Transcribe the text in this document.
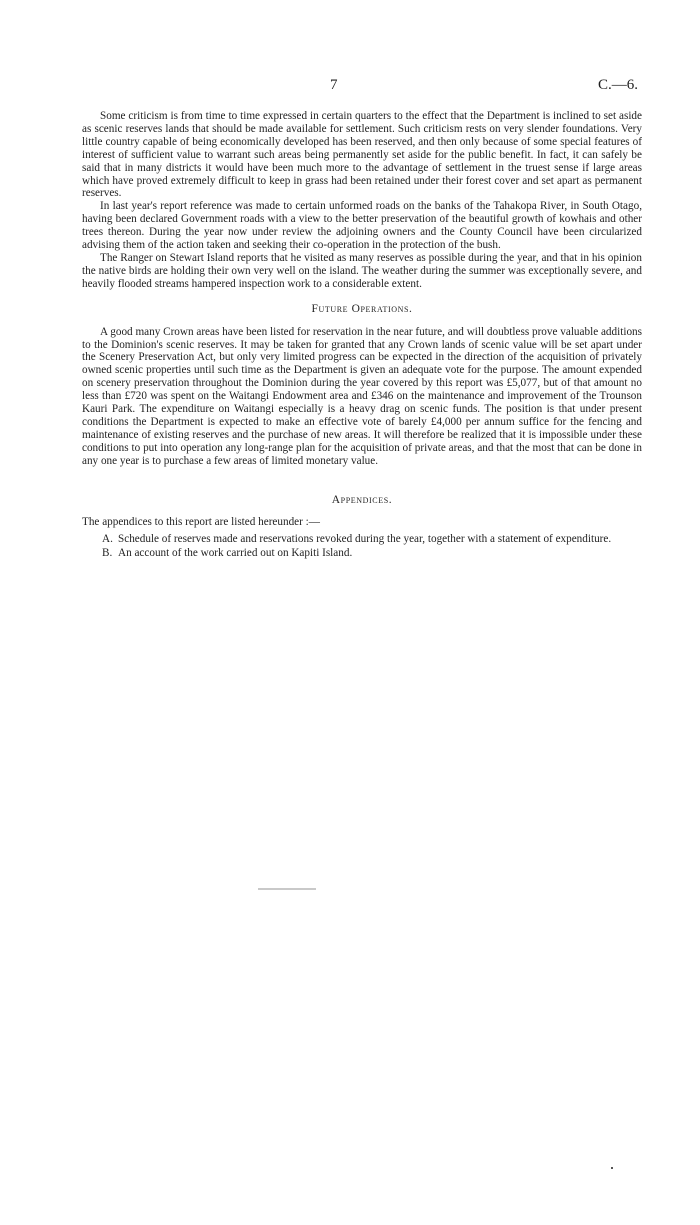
7	C.—6.

Some criticism is from time to time expressed in certain quarters to the effect that the Department is inclined to set aside as scenic reserves lands that should be made available for settlement. Such criticism rests on very slender foundations. Very little country capable of being economically developed has been reserved, and then only because of some special features of interest of sufficient value to warrant such areas being permanently set aside for the public benefit. In fact, it can safely be said that in many districts it would have been much more to the advantage of settlement in the truest sense if large areas which have proved extremely difficult to keep in grass had been retained under their forest cover and set apart as permanent reserves.

In last year's report reference was made to certain unformed roads on the banks of the Tahakopa River, in South Otago, having been declared Government roads with a view to the better preservation of the beautiful growth of kowhais and other trees thereon. During the year now under review the adjoining owners and the County Council have been circularized advising them of the action taken and seeking their co-operation in the protection of the bush.

The Ranger on Stewart Island reports that he visited as many reserves as possible during the year, and that in his opinion the native birds are holding their own very well on the island. The weather during the summer was exceptionally severe, and heavily flooded streams hampered inspection work to a considerable extent.

Future Operations.

A good many Crown areas have been listed for reservation in the near future, and will doubtless prove valuable additions to the Dominion's scenic reserves. It may be taken for granted that any Crown lands of scenic value will be set apart under the Scenery Preservation Act, but only very limited progress can be expected in the direction of the acquisition of privately owned scenic properties until such time as the Department is given an adequate vote for the purpose. The amount expended on scenery preservation throughout the Dominion during the year covered by this report was £5,077, but of that amount no less than £720 was spent on the Waitangi Endowment area and £346 on the maintenance and improvement of the Trounson Kauri Park. The expenditure on Waitangi especially is a heavy drag on scenic funds. The position is that under present conditions the Department is expected to make an effective vote of barely £4,000 per annum suffice for the fencing and maintenance of existing reserves and the purchase of new areas. It will therefore be realized that it is impossible under these conditions to put into operation any long-range plan for the acquisition of private areas, and that the most that can be done in any one year is to purchase a few areas of limited monetary value.

Appendices.

The appendices to this report are listed hereunder :—

A. Schedule of reserves made and reservations revoked during the year, together with a statement of expenditure.
B. An account of the work carried out on Kapiti Island.
